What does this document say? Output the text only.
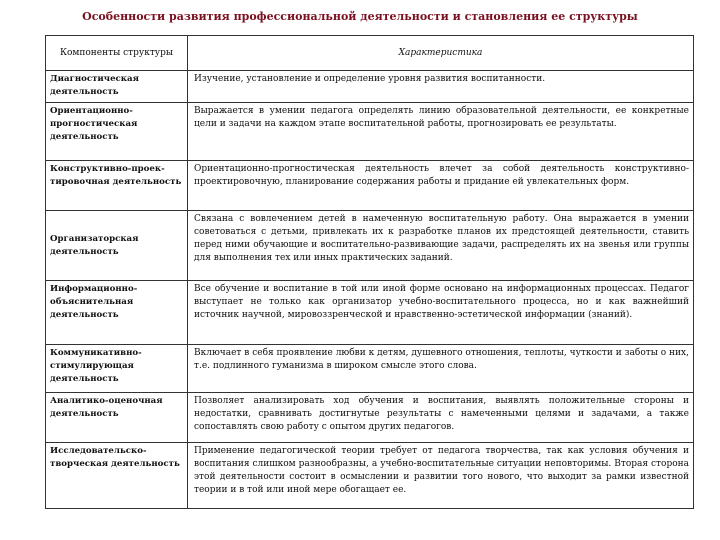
Особенности развития профессиональной деятельности и становления ее структуры
Компоненты структуры	Характеристика
Диагностическая деятельность	Изучение, установление и определение уровня развития воспитанности.
Ориентационно-прогностическая деятельность	Выражается в умении педагога определять линию образовательной деятельности, ее конкретные цели и задачи на каждом этапе воспитательной работы, прогнозировать ее результаты.
Конструктивно-проек-тировочная деятельность	Ориентационно-прогностическая деятельность влечет за собой деятельность конструктивно-проектировочную, планирование содержания работы и придание ей увлекательных форм.
Организаторская деятельность	Связана с вовлечением детей в намеченную воспитательную работу. Она выражается в умении советоваться с детьми, привлекать их к разработке планов их предстоящей деятельности, ставить перед ними обучающие и воспитательно-развивающие задачи, распределять их на звенья или группы для выполнения тех или иных практических заданий.
Информационно-объяснительная деятельность	Все обучение и воспитание в той или иной форме основано на информационных процессах. Педагог выступает не только как организатор учебно-воспитательного процесса, но и как важнейший источник научной, мировоззренческой и нравственно-эстетической информации (знаний).
Коммуникативно-стимулирующая деятельность	Включает в себя проявление любви к детям, душевного отношения, теплоты, чуткости и заботы о них, т.е. подлинного гуманизма в широком смысле этого слова.
Аналитико-оценочная деятельность	Позволяет анализировать ход обучения и воспитания, выявлять положительные стороны и недостатки, сравнивать достигнутые результаты с намеченными целями и задачами, а также сопоставлять свою работу с опытом других педагогов.
Исследовательско-творческая деятельность	Применение педагогической теории требует от педагога творчества, так как условия обучения и воспитания слишком разнообразны, а учебно-воспитательные ситуации неповторимы. Вторая сторона этой деятельности состоит в осмыслении и развитии того нового, что выходит за рамки известной теории и в той или иной мере обогащает ее.
